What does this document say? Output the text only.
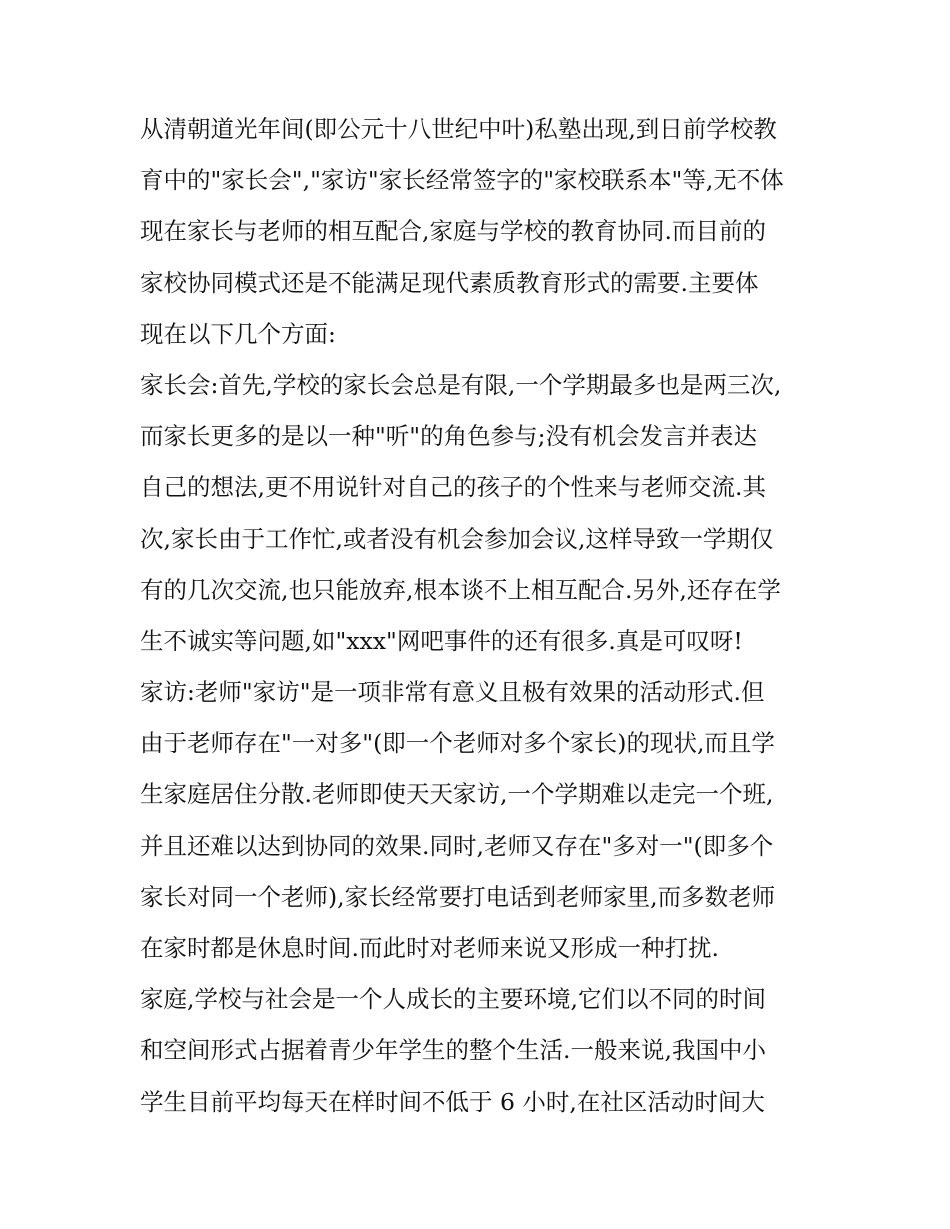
从清朝道光年间(即公元十八世纪中叶)私塾出现,到日前学校教
育中的"家长会","家访"家长经常签字的"家校联系本"等,无不体
现在家长与老师的相互配合,家庭与学校的教育协同.而目前的
家校协同模式还是不能满足现代素质教育形式的需要.主要体
现在以下几个方面:
家长会:首先,学校的家长会总是有限,一个学期最多也是两三次,
而家长更多的是以一种"听"的角色参与;没有机会发言并表达
自己的想法,更不用说针对自己的孩子的个性来与老师交流.其
次,家长由于工作忙,或者没有机会参加会议,这样导致一学期仅
有的几次交流,也只能放弃,根本谈不上相互配合.另外,还存在学
生不诚实等问题,如"xxx"网吧事件的还有很多.真是可叹呀!
家访:老师"家访"是一项非常有意义且极有效果的活动形式.但
由于老师存在"一对多"(即一个老师对多个家长)的现状,而且学
生家庭居住分散.老师即使天天家访,一个学期难以走完一个班,
并且还难以达到协同的效果.同时,老师又存在"多对一"(即多个
家长对同一个老师),家长经常要打电话到老师家里,而多数老师
在家时都是休息时间.而此时对老师来说又形成一种打扰.
家庭,学校与社会是一个人成长的主要环境,它们以不同的时间
和空间形式占据着青少年学生的整个生活.一般来说,我国中小
学生目前平均每天在样时间不低于 6 小时,在社区活动时间大
